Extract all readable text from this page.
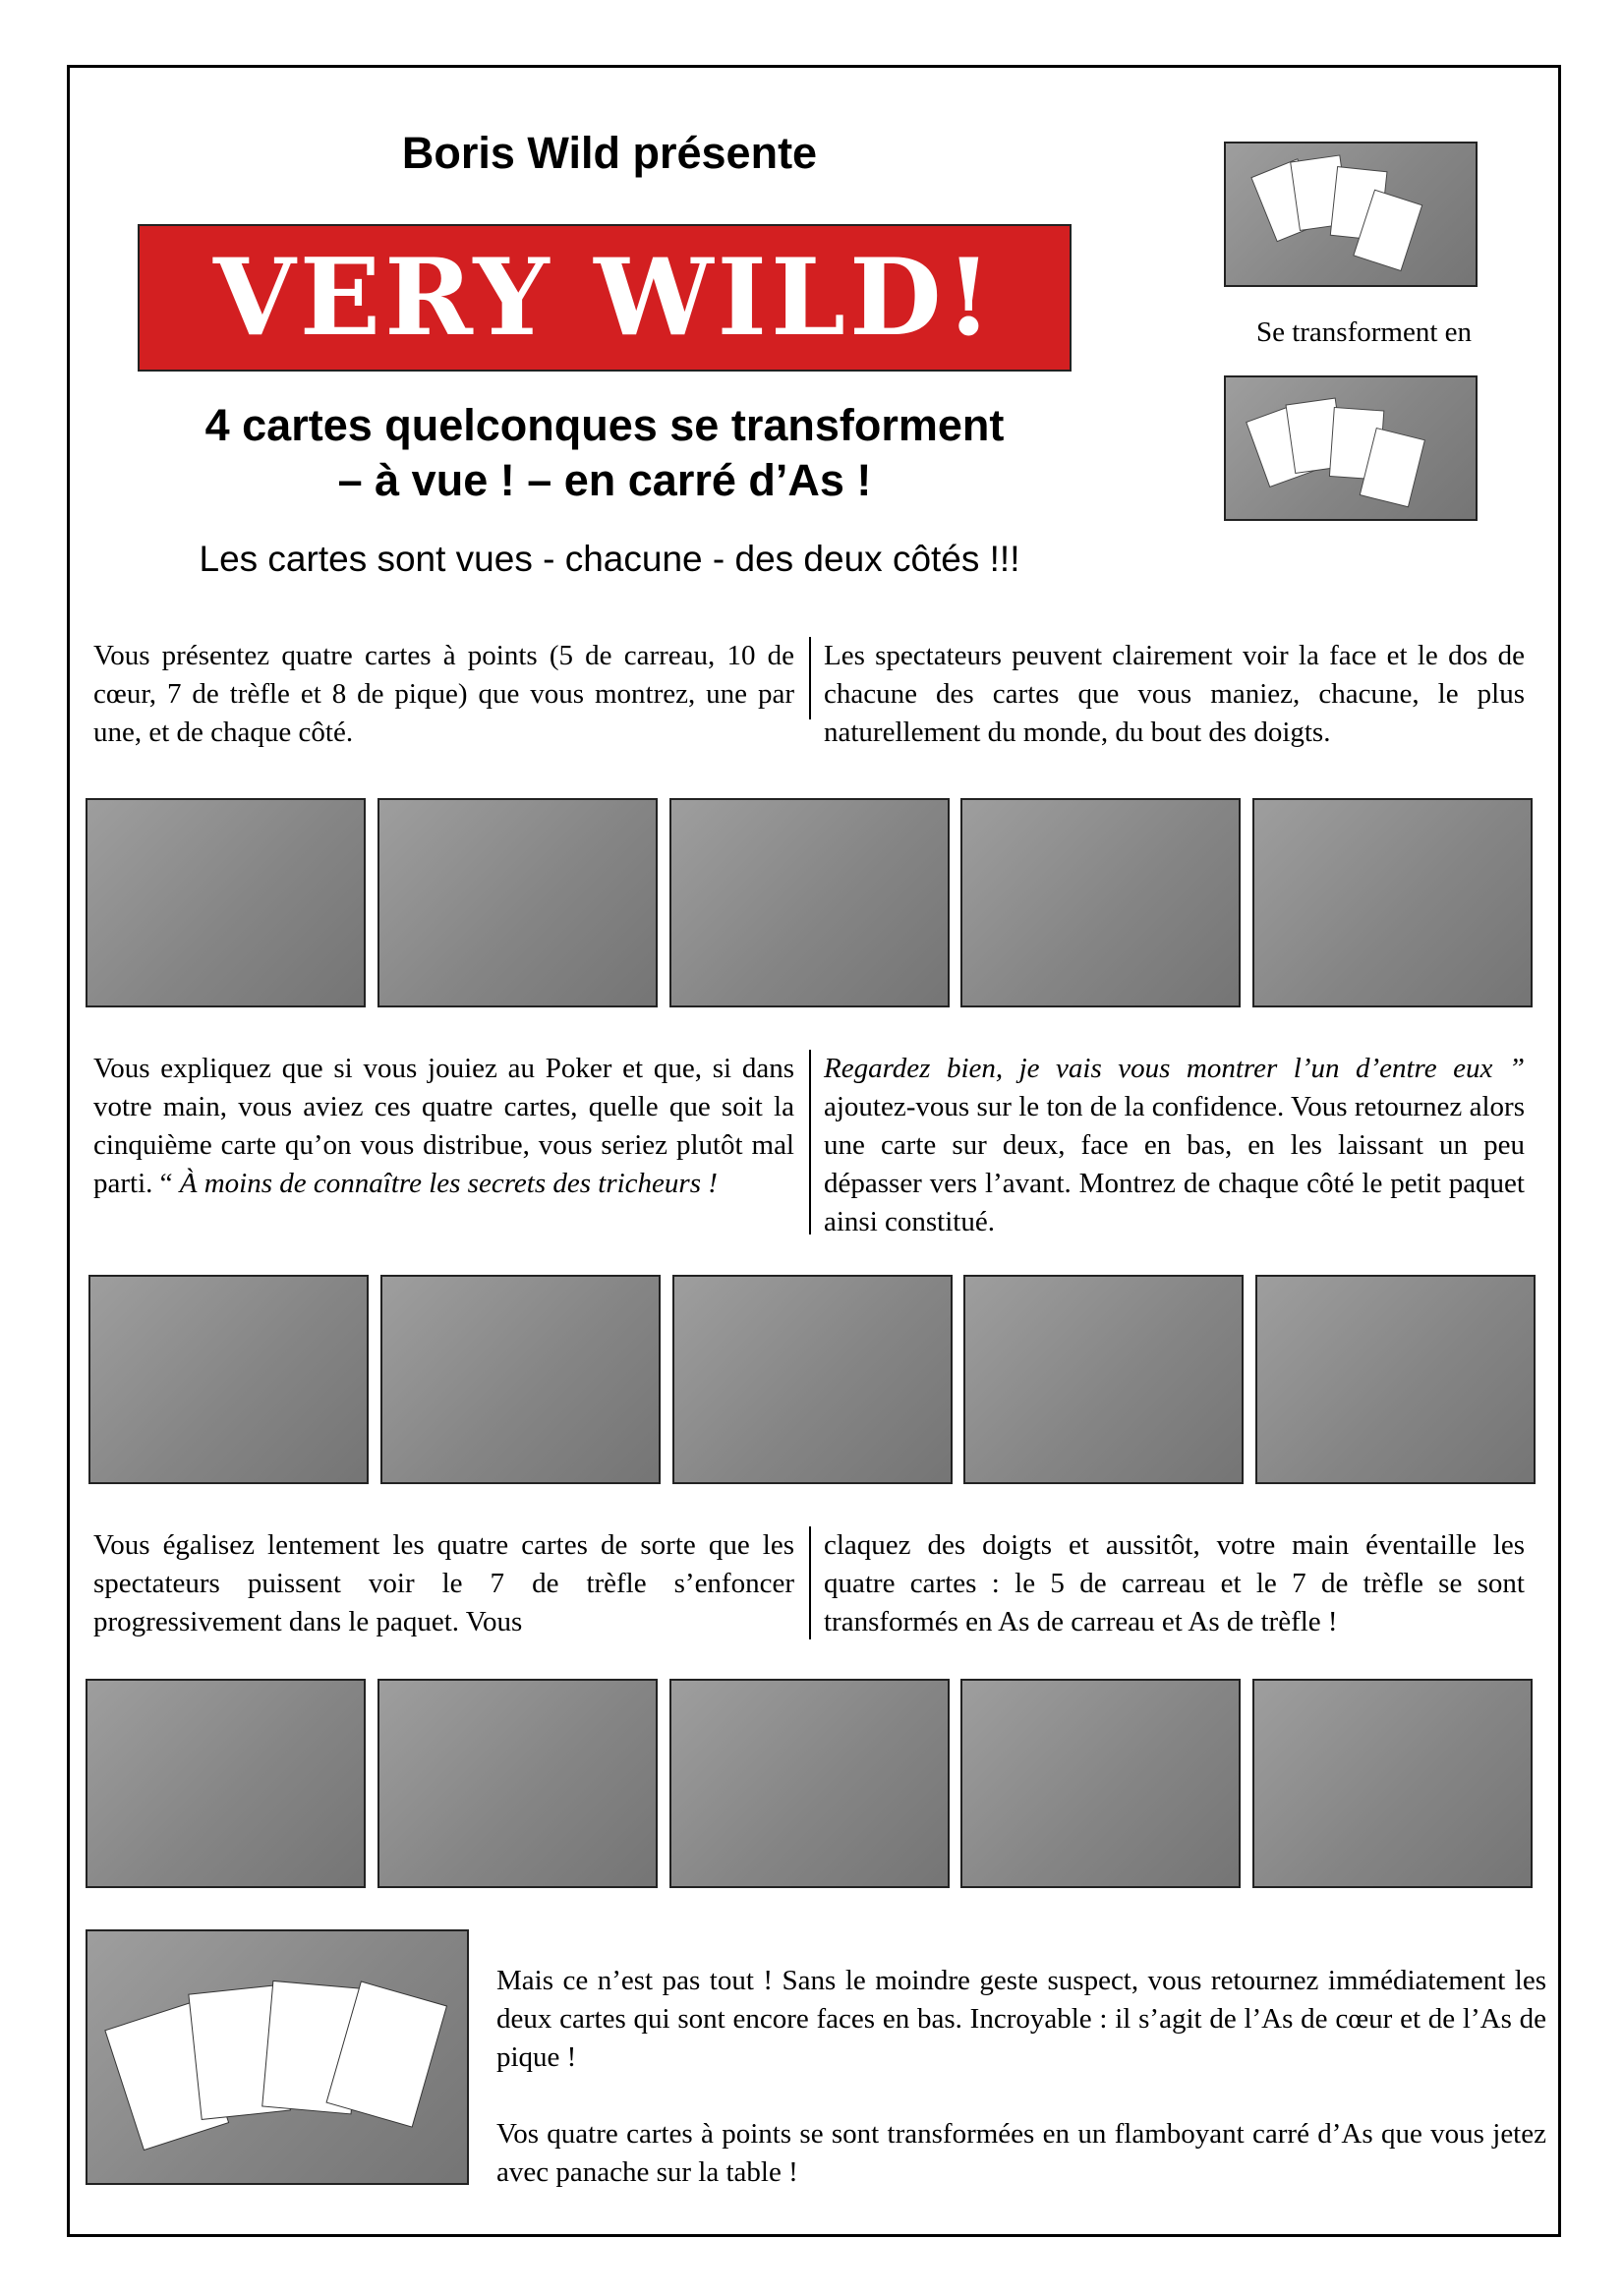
Boris Wild présente
VERY WILD!
4 cartes quelconques se transforment
– à vue ! – en carré d’As !
Les cartes sont vues - chacune - des deux côtés !!!
Se transforment en
Vous présentez quatre cartes à points (5 de carreau, 10 de cœur, 7 de trèfle et 8 de pique) que vous montrez, une par une, et de chaque côté.
Les spectateurs peuvent clairement voir la face et le dos de chacune des cartes que vous maniez, chacune, le plus naturellement du monde, du bout des doigts.
Vous expliquez que si vous jouiez au Poker et que, si dans votre main, vous aviez ces quatre cartes, quelle que soit la cinquième carte qu’on vous distribue, vous seriez plutôt mal parti. “ À moins de connaître les secrets des tricheurs !
Regardez bien, je vais vous montrer l’un d’entre eux ” ajoutez-vous sur le ton de la confidence. Vous retournez alors une carte sur deux, face en bas, en les laissant un peu dépasser vers l’avant. Montrez de chaque côté le petit paquet ainsi constitué.
Vous égalisez lentement les quatre cartes de sorte que les spectateurs puissent voir le 7 de trèfle s’enfoncer progressivement dans le paquet. Vous
claquez des doigts et aussitôt, votre main éventaille les quatre cartes : le 5 de carreau et le 7 de trèfle se sont transformés en As de carreau et As de trèfle !

Mais ce n’est pas tout ! Sans le moindre geste suspect, vous retournez immédiatement les deux cartes qui sont encore faces en bas. Incroyable : il s’agit de l’As de cœur et de l’As de pique !

Vos quatre cartes à points se sont transformées en un flamboyant carré d’As que vous jetez avec panache sur la table !
